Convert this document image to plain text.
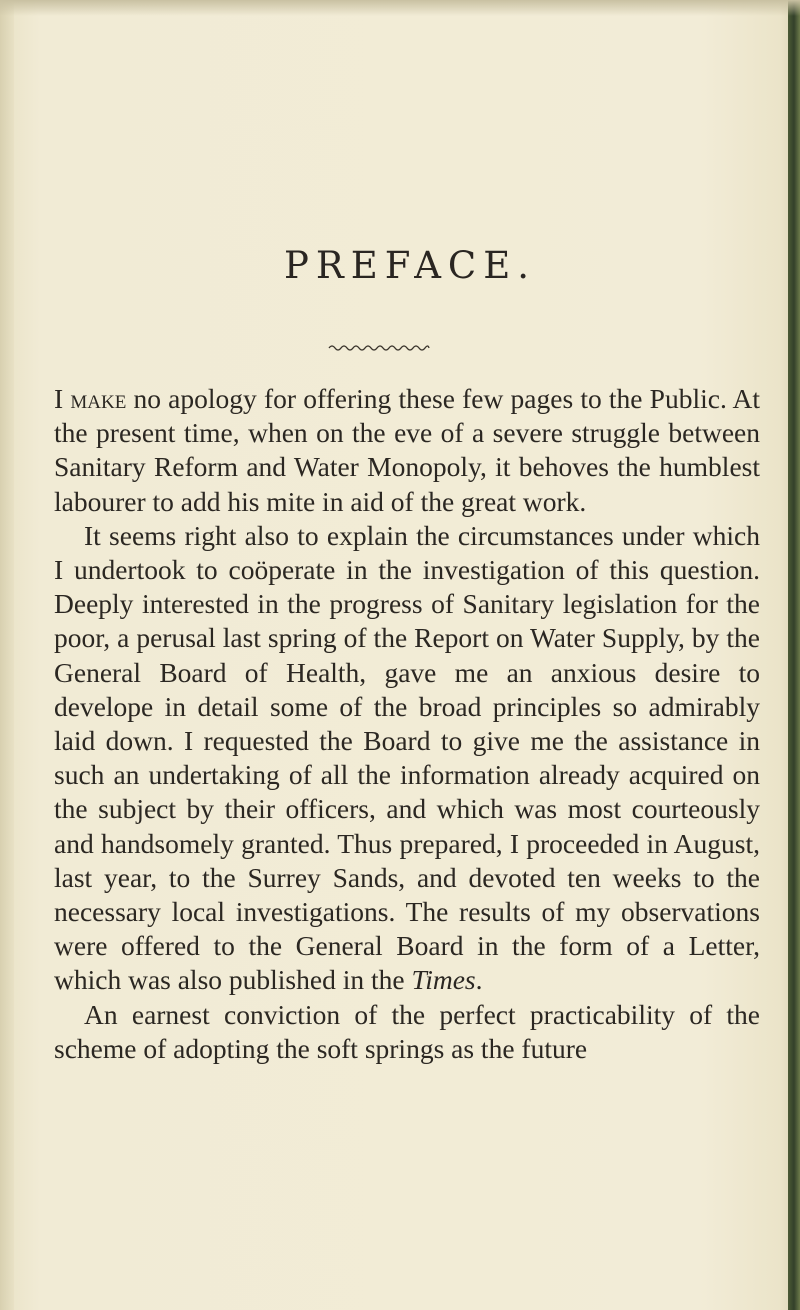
PREFACE.

I make no apology for offering these few pages to the Public. At the present time, when on the eve of a severe struggle between Sanitary Reform and Water Monopoly, it behoves the humblest labourer to add his mite in aid of the great work.

It seems right also to explain the circumstances under which I undertook to coöperate in the investigation of this question. Deeply interested in the progress of Sanitary legislation for the poor, a perusal last spring of the Report on Water Supply, by the General Board of Health, gave me an anxious desire to develope in detail some of the broad principles so admirably laid down. I requested the Board to give me the assistance in such an undertaking of all the information already acquired on the subject by their officers, and which was most courteously and handsomely granted. Thus prepared, I proceeded in August, last year, to the Surrey Sands, and devoted ten weeks to the necessary local investigations. The results of my observations were offered to the General Board in the form of a Letter, which was also published in the Times.

An earnest conviction of the perfect practicability of the scheme of adopting the soft springs as the future
